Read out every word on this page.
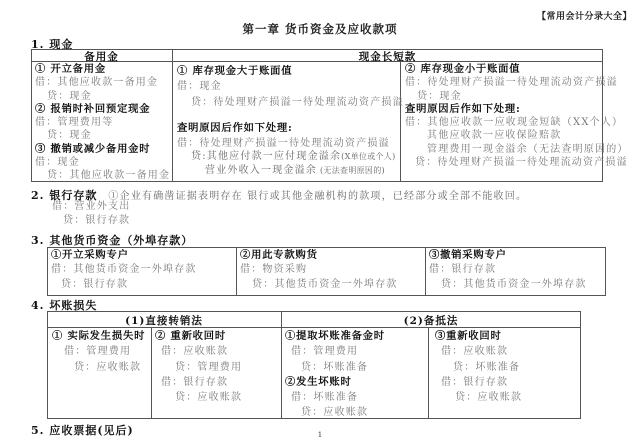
【常用会计分录大全】
第一章 货币资金及应收款项
1. 现金
备用金	现金长短款
① 开立备用金
借：其他应收款一备用金
贷：现金
② 报销时补回预定现金
借：管理费用等
贷：现金
③ 撤销或减少备用金时
借：现金
贷：其他应收款一备用金
① 库存现金大于账面值
借：现金
贷：待处理财产损溢一待处理流动资产损溢
查明原因后作如下处理:
借：待处理财产损溢一待处理流动资产损溢
贷:其他应付款一应付现金溢余(X单位或个人)
营业外收入一现金溢余 (无法查明原因的)
② 库存现金小于账面值
借：待处理财产损溢一待处理流动资产损溢
贷：现金
查明原因后作如下处理:
借：其他应收款一应收现金短缺（XX个人）
其他应收款一应收保险赔款
管理费用一现金溢余（无法查明原因的）
贷：待处理财产损溢一待处理流动资产损溢
2. 银行存款 ①企业有确凿证据表明存在 银行或其他金融机构的款项，已经部分或全部不能收回。
借：营业外支出
贷：银行存款
3. 其他货币资金（外埠存款）
①开立采购专户
借：其他货币资金一外埠存款
贷：银行存款
②用此专款购货
借：物资采购
贷：其他货币资金一外埠存款
③撤销采购专户
借：银行存款
贷：其他货币资金一外埠存款
4. 坏账损失
(1)直接转销法	(2)备抵法
① 实际发生损失时
借：管理费用
贷：应收账款
② 重新收回时
借：应收账款
贷：管理费用
借：银行存款
贷：应收账款
①提取坏账准备金时
借：管理费用
贷：坏账准备
②发生坏账时
借：坏账准备
贷：应收账款
③重新收回时
借：应收账款
贷：坏账准备
借：银行存款
贷：应收账款
5. 应收票据(见后)	1
